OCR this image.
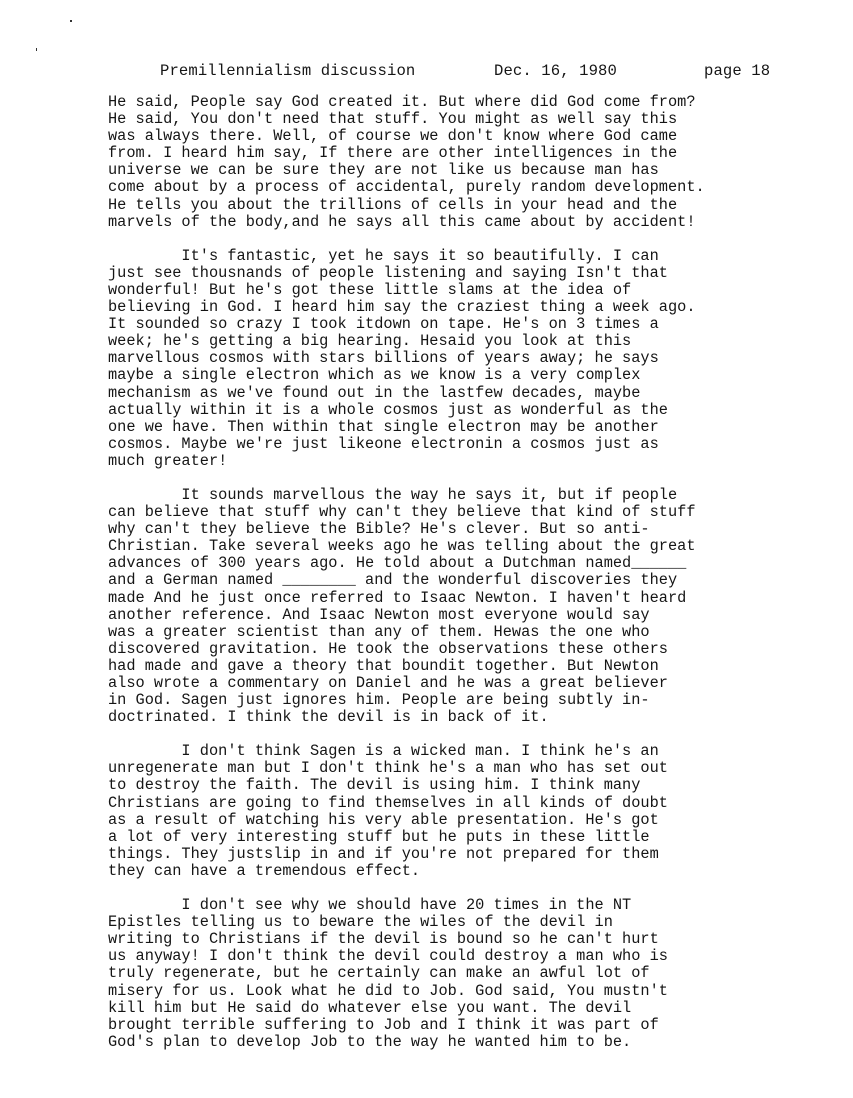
Premillennialism discussion	Dec. 16, 1980	page 18
He said, People say God created it. But where did God come from?
He said, You don't need that stuff. You might as well say this
was always there. Well, of course we don't know where God came
from. I heard him say, If there are other intelligences in the
universe we can be sure they are not like us because man has
come about by a process of accidental, purely random development.
He tells you about the trillions of cells in your head and the
marvels of the body,and he says all this came about by accident!
It's fantastic, yet he says it so beautifully. I can
just see thousnands of people listening and saying Isn't that
wonderful! But he's got these little slams at the idea of
believing in God. I heard him say the craziest thing a week ago.
It sounded so crazy I took itdown on tape. He's on 3 times a
week; he's getting a big hearing. Hesaid you look at this
marvellous cosmos with stars billions of years away; he says
maybe a single electron which as we know is a very complex
mechanism as we've found out in the lastfew decades, maybe
actually within it is a whole cosmos just as wonderful as the
one we have. Then within that single electron may be another
cosmos. Maybe we're just likeone electronin a cosmos just as
much greater!
It sounds marvellous the way he says it, but if people
can believe that stuff why can't they believe that kind of stuff
why can't they believe the Bible? He's clever. But so anti-
Christian. Take several weeks ago he was telling about the great
advances of 300 years ago. He told about a Dutchman named______
and a German named ________ and the wonderful discoveries they
made And he just once referred to Isaac Newton. I haven't heard
another reference. And Isaac Newton most everyone would say
was a greater scientist than any of them. Hewas the one who
discovered gravitation. He took the observations these others
had made and gave a theory that boundit together. But Newton
also wrote a commentary on Daniel and he was a great believer
in God. Sagen just ignores him. People are being subtly in-
doctrinated. I think the devil is in back of it.
I don't think Sagen is a wicked man. I think he's an
unregenerate man but I don't think he's a man who has set out
to destroy the faith. The devil is using him. I think many
Christians are going to find themselves in all kinds of doubt
as a result of watching his very able presentation. He's got
a lot of very interesting stuff but he puts in these little
things. They justslip in and if you're not prepared for them
they can have a tremendous effect.
I don't see why we should have 20 times in the NT
Epistles telling us to beware the wiles of the devil in
writing to Christians if the devil is bound so he can't hurt
us anyway! I don't think the devil could destroy a man who is
truly regenerate, but he certainly can make an awful lot of
misery for us. Look what he did to Job. God said, You mustn't
kill him but He said do whatever else you want. The devil
brought terrible suffering to Job and I think it was part of
God's plan to develop Job to the way he wanted him to be.
